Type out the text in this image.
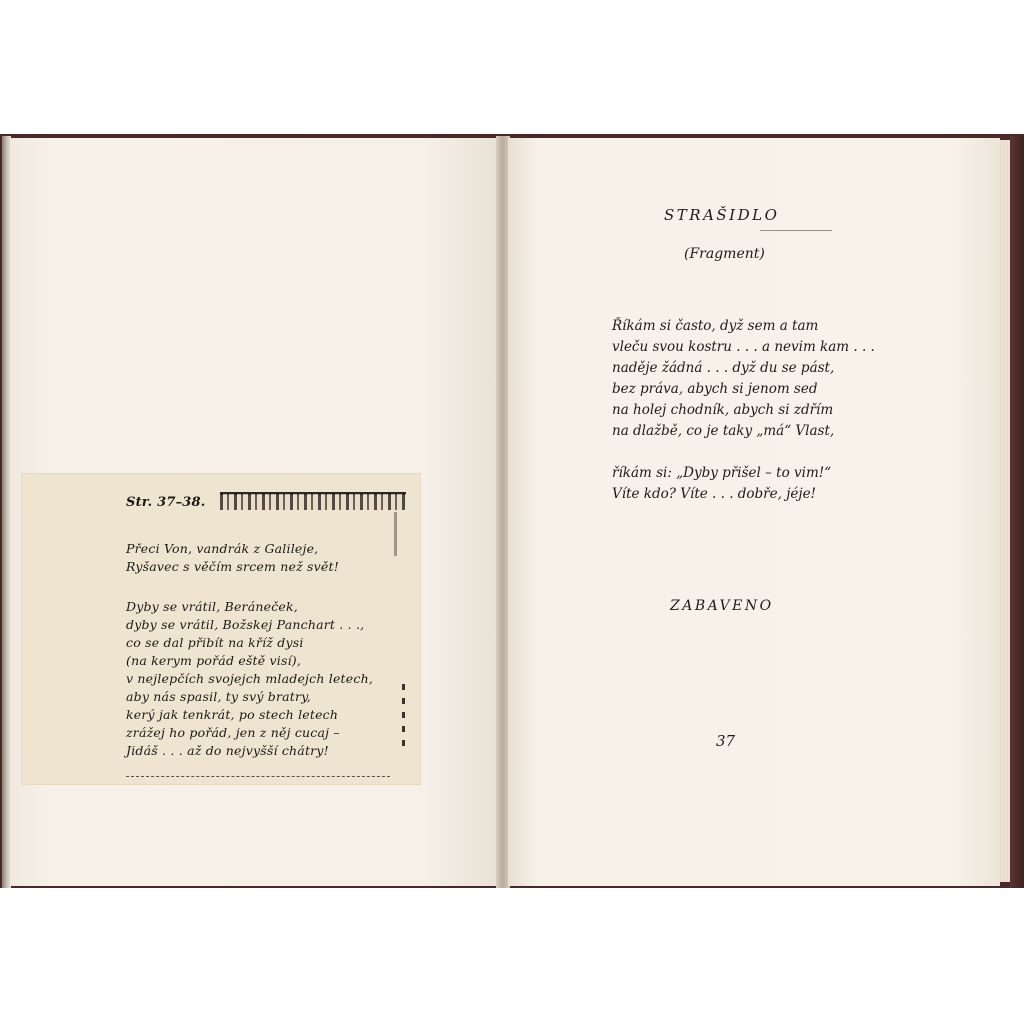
Str. 37–38.
Přeci Von, vandrák z Galileje,
Ryšavec s věčím srcem než svět!
Dyby se vrátil, Beráneček,
dyby se vrátil, Božskej Panchart . . .,
co se dal přibít na kříž dysi
(na kerym pořád eště visí),
v nejlepčích svojejch mladejch letech,
aby nás spasil, ty svý bratry,
kerý jak tenkrát, po stech letech
zrážej ho pořád, jen z něj cucaj –
Jidáš . . . až do nejvyšší chátry!
STRAŠIDLO
(Fragment)
Říkám si často, dyž sem a tam
vleču svou kostru . . . a nevim kam . . .
naděje žádná . . . dyž du se pást,
bez práva, abych si jenom sed
na holej chodník, abych si zdřím
na dlažbě, co je taky „má“ Vlast,
říkám si: „Dyby přišel – to vim!“
Víte kdo? Víte . . . dobře, jéje!
ZABAVENO
37
